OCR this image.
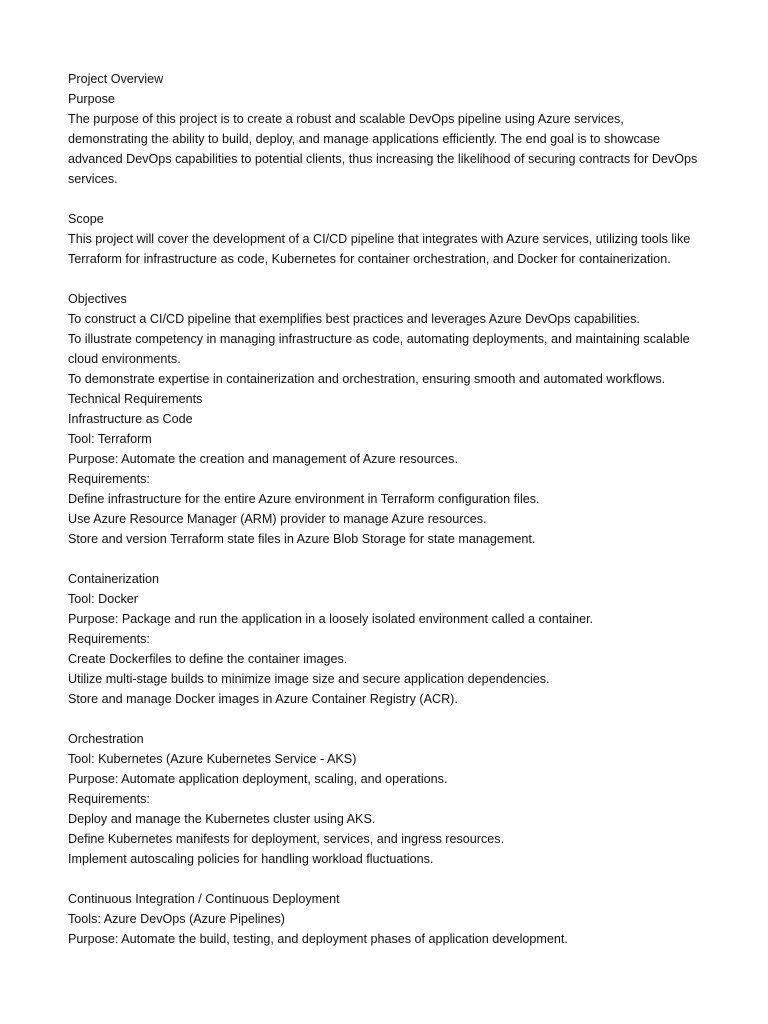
Project Overview
Purpose
The purpose of this project is to create a robust and scalable DevOps pipeline using Azure services,
demonstrating the ability to build, deploy, and manage applications efficiently. The end goal is to showcase
advanced DevOps capabilities to potential clients, thus increasing the likelihood of securing contracts for DevOps
services.
Scope
This project will cover the development of a CI/CD pipeline that integrates with Azure services, utilizing tools like
Terraform for infrastructure as code, Kubernetes for container orchestration, and Docker for containerization.
Objectives
To construct a CI/CD pipeline that exemplifies best practices and leverages Azure DevOps capabilities.
To illustrate competency in managing infrastructure as code, automating deployments, and maintaining scalable
cloud environments.
To demonstrate expertise in containerization and orchestration, ensuring smooth and automated workflows.
Technical Requirements
Infrastructure as Code
Tool: Terraform
Purpose: Automate the creation and management of Azure resources.
Requirements:
Define infrastructure for the entire Azure environment in Terraform configuration files.
Use Azure Resource Manager (ARM) provider to manage Azure resources.
Store and version Terraform state files in Azure Blob Storage for state management.
Containerization
Tool: Docker
Purpose: Package and run the application in a loosely isolated environment called a container.
Requirements:
Create Dockerfiles to define the container images.
Utilize multi-stage builds to minimize image size and secure application dependencies.
Store and manage Docker images in Azure Container Registry (ACR).
Orchestration
Tool: Kubernetes (Azure Kubernetes Service - AKS)
Purpose: Automate application deployment, scaling, and operations.
Requirements:
Deploy and manage the Kubernetes cluster using AKS.
Define Kubernetes manifests for deployment, services, and ingress resources.
Implement autoscaling policies for handling workload fluctuations.
Continuous Integration / Continuous Deployment
Tools: Azure DevOps (Azure Pipelines)
Purpose: Automate the build, testing, and deployment phases of application development.
